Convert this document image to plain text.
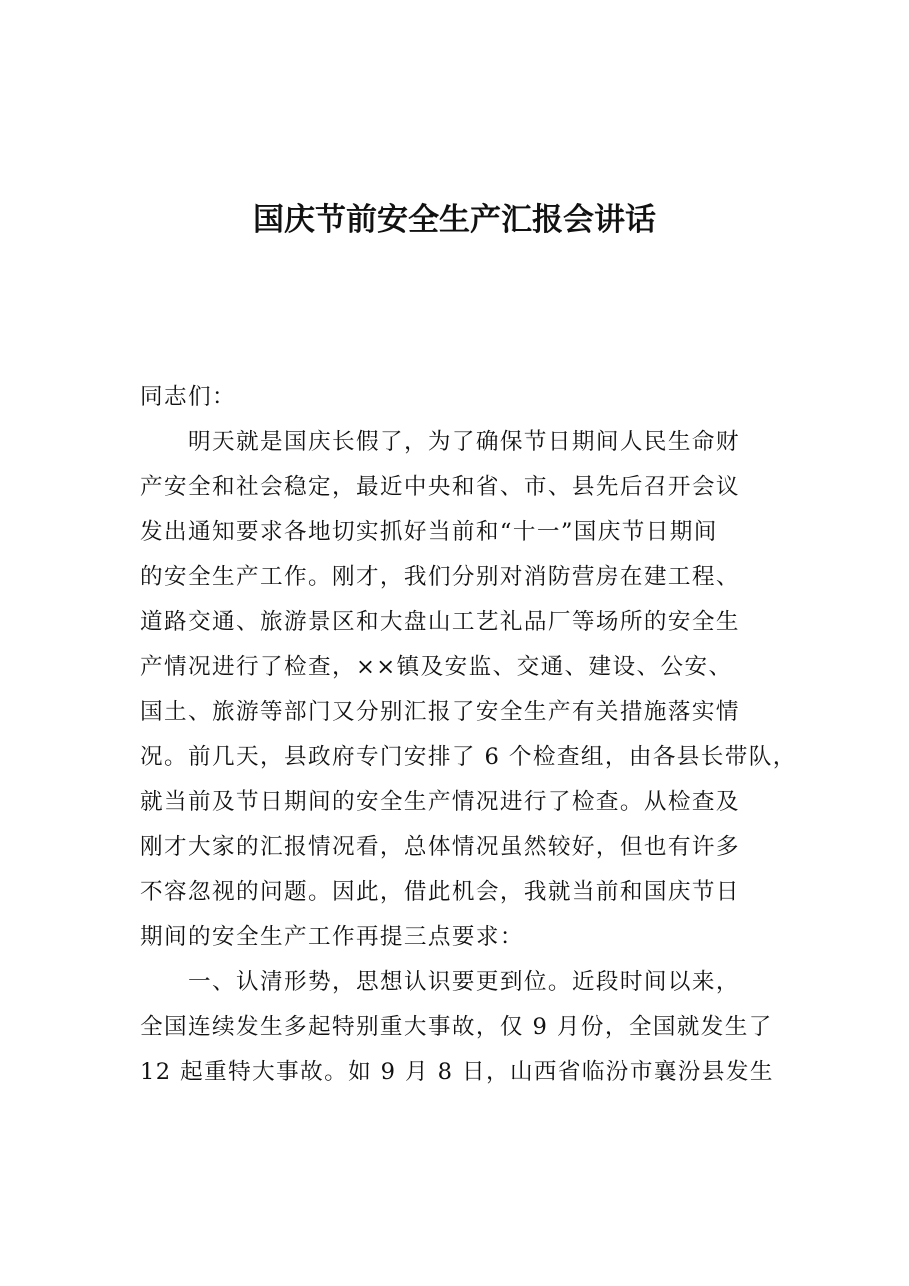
国庆节前安全生产汇报会讲话
同志们：
明天就是国庆长假了，为了确保节日期间人民生命财
产安全和社会稳定，最近中央和省、市、县先后召开会议
发出通知要求各地切实抓好当前和“十一”国庆节日期间
的安全生产工作。刚才，我们分别对消防营房在建工程、
道路交通、旅游景区和大盘山工艺礼品厂等场所的安全生
产情况进行了检查，××镇及安监、交通、建设、公安、
国土、旅游等部门又分别汇报了安全生产有关措施落实情
况。前几天，县政府专门安排了 6 个检查组，由各县长带队，
就当前及节日期间的安全生产情况进行了检查。从检查及
刚才大家的汇报情况看，总体情况虽然较好，但也有许多
不容忽视的问题。因此，借此机会，我就当前和国庆节日
期间的安全生产工作再提三点要求：
一、认清形势，思想认识要更到位。近段时间以来，
全国连续发生多起特别重大事故，仅 9 月份，全国就发生了
12 起重特大事故。如 9 月 8 日，山西省临汾市襄汾县发生
